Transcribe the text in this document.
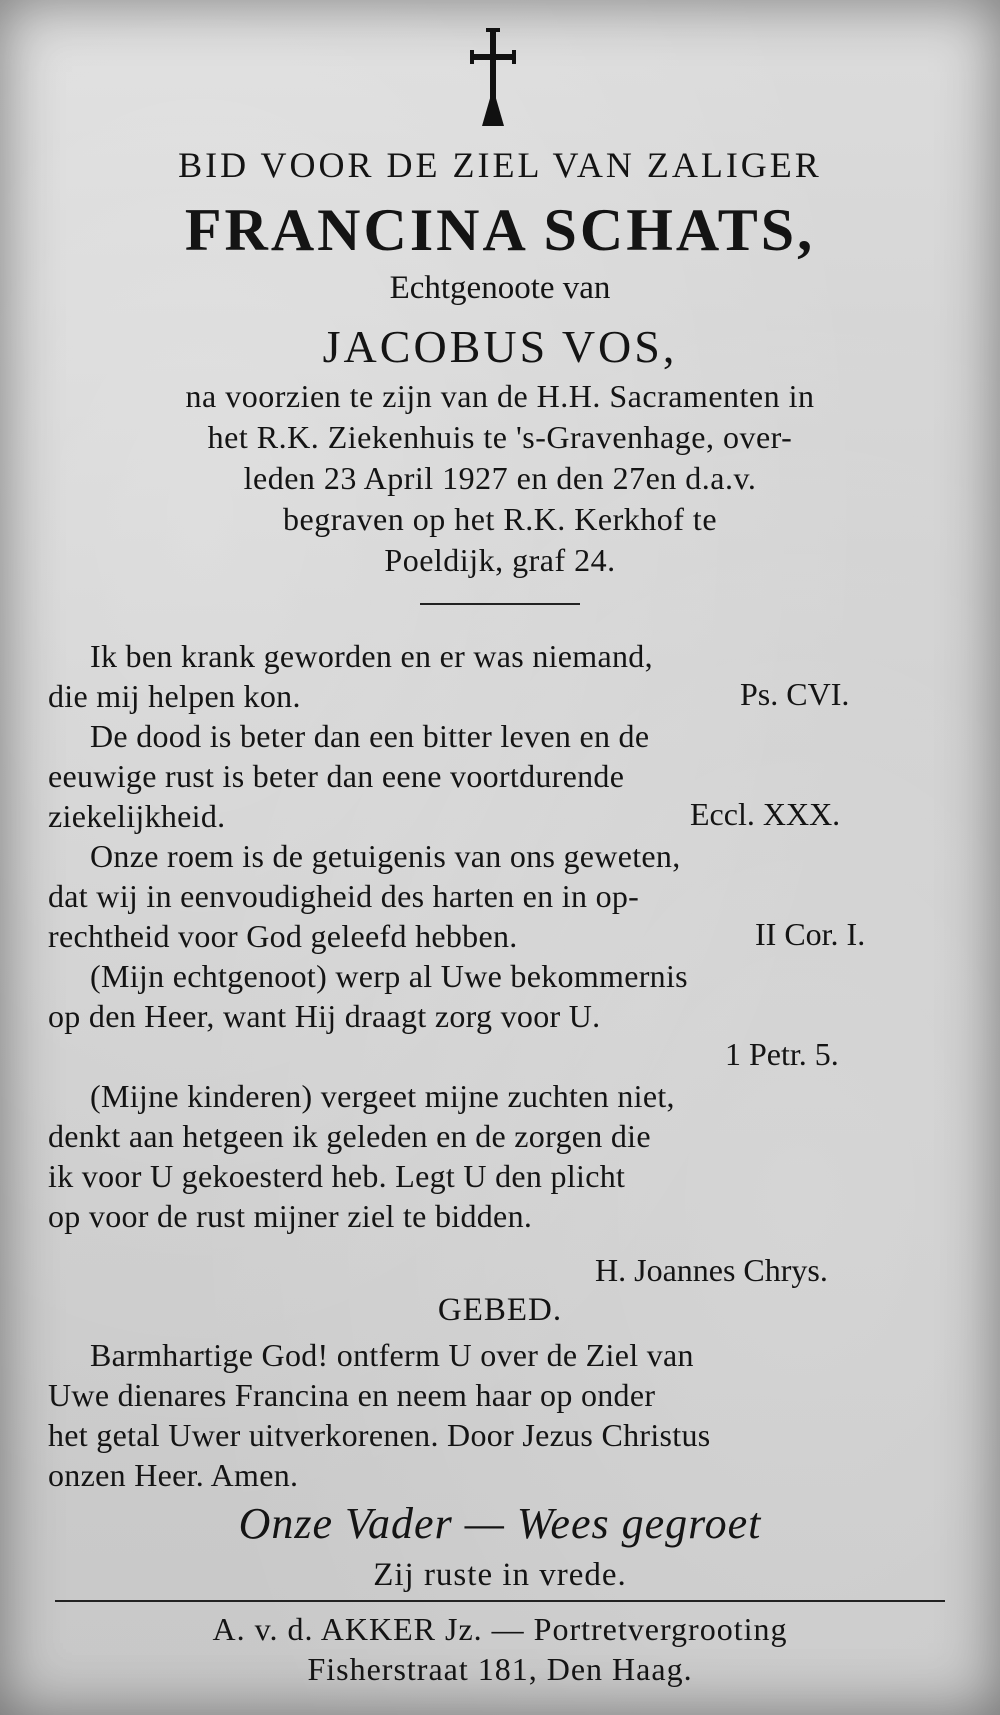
BID VOOR DE ZIEL VAN ZALIGER
FRANCINA SCHATS,
Echtgenoote van
JACOBUS VOS,
na voorzien te zijn van de H.H. Sacramenten in
het R.K. Ziekenhuis te 's-Gravenhage, over-
leden 23 April 1927 en den 27en d.a.v.
begraven op het R.K. Kerkhof te
Poeldijk, graf 24.
Ik ben krank geworden en er was niemand,
die mij helpen kon.
De dood is beter dan een bitter leven en de
eeuwige rust is beter dan eene voortdurende
ziekelijkheid.
Onze roem is de getuigenis van ons geweten,
dat wij in eenvoudigheid des harten en in op-
rechtheid voor God geleefd hebben.
(Mijn echtgenoot) werp al Uwe bekommernis
op den Heer, want Hij draagt zorg voor U.
(Mijne kinderen) vergeet mijne zuchten niet,
denkt aan hetgeen ik geleden en de zorgen die
ik voor U gekoesterd heb. Legt U den plicht
op voor de rust mijner ziel te bidden.
Ps. CVI.
Eccl. XXX.
II Cor. I.
1 Petr. 5.
H. Joannes Chrys.
GEBED.
Barmhartige God! ontferm U over de Ziel van
Uwe dienares Francina en neem haar op onder
het getal Uwer uitverkorenen. Door Jezus Christus
onzen Heer. Amen.
Onze Vader — Wees gegroet
Zij ruste in vrede.
A. v. d. AKKER Jz. — Portretvergrooting
Fisherstraat 181, Den Haag.
